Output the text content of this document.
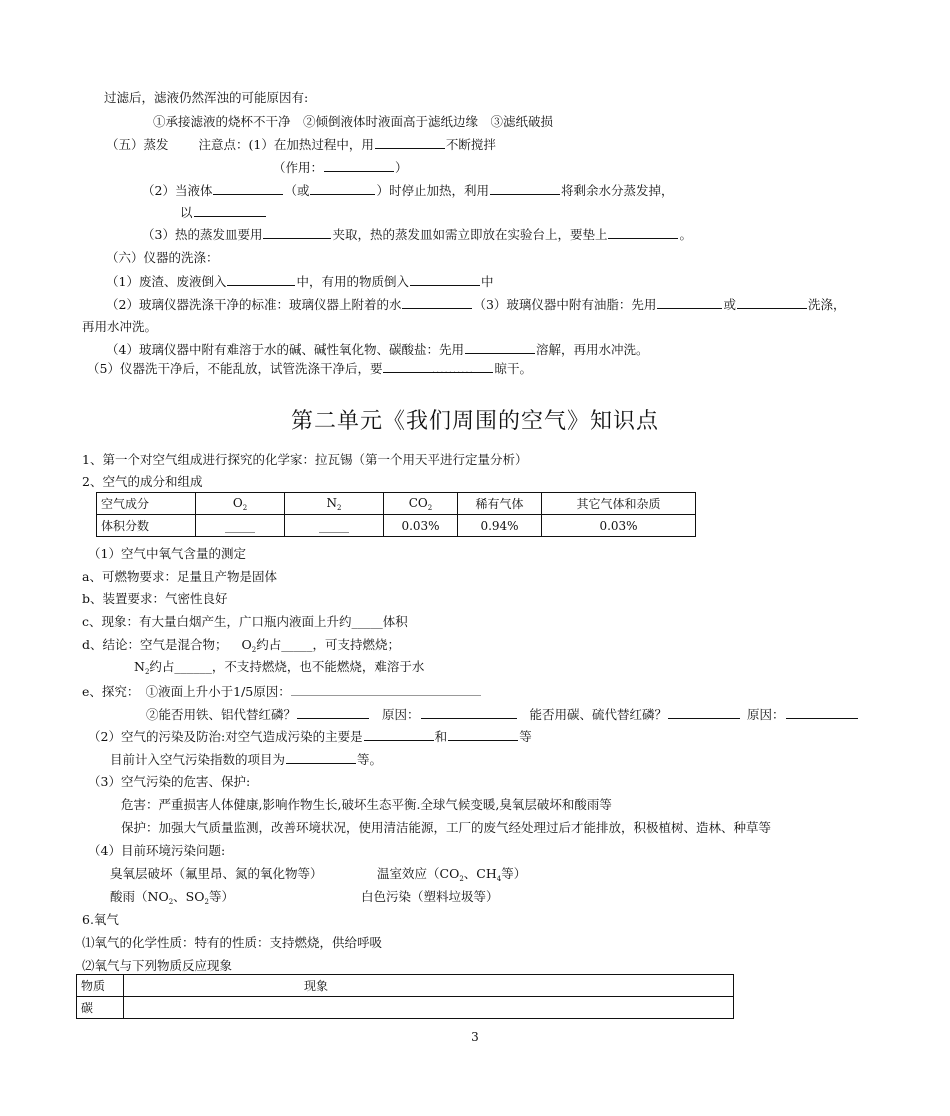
过滤后，滤液仍然浑浊的可能原因有:
①承接滤液的烧杯不干净　②倾倒液体时液面高于滤纸边缘　③滤纸破损
（五）蒸发 注意点：(1）在加热过程中，用	不断搅拌
（作用：	）
（2）当液体	（或	）时停止加热，利用	将剩余水分蒸发掉，
以
（3）热的蒸发皿要用	夹取，热的蒸发皿如需立即放在实验台上，要垫上	。
（六）仪器的洗涤：
（1）废渣、废液倒入	中，有用的物质倒入	中
（2）玻璃仪器洗涤干净的标准：玻璃仪器上附着的水	（3）玻璃仪器中附有油脂：先用	或	洗涤，
再用水冲洗。
（4）玻璃仪器中附有难溶于水的碱、碱性氧化物、碳酸盐：先用	溶解，再用水冲洗。
（5）仪器洗干净后，不能乱放，试管洗涤干净后，要	晾干。
··········
第二单元《我们周围的空气》知识点
1、第一个对空气组成进行探究的化学家：拉瓦锡（第一个用天平进行定量分析）
2、空气的成分和组成
空气成分	$O_2$	$N_2$	$CO_2$	稀有气体	其它气体和杂质
体积分数	_____	_____	0.03%	0.94%	0.03%
（1）空气中氧气含量的测定
a、可燃物要求：足量且产物是固体
b、装置要求：气密性良好
c、现象：有大量白烟产生，广口瓶内液面上升约_____体积
d、结论：空气是混合物； $O_2$约占_____，可支持燃烧；
$N_2$约占______，不支持燃烧，也不能燃烧，难溶于水
e、探究：　①液面上升小于1/5原因：
②能否用铁、铝代替红磷？	原因：	能否用碳、硫代替红磷？	原因：
（2）空气的污染及防治:对空气造成污染的主要是	和	等
目前计入空气污染指数的项目为	等。
（3）空气污染的危害、保护:
危害：严重损害人体健康,影响作物生长,破坏生态平衡.全球气候变暖,臭氧层破坏和酸雨等
保护：加强大气质量监测，改善环境状况，使用清洁能源，工厂的废气经处理过后才能排放，积极植树、造林、种草等
（4）目前环境污染问题:
臭氧层破坏（氟里昂、氮的氧化物等）	温室效应（$CO_2$、$CH_4$等）
酸雨（$NO_2$、$SO_2$等）	白色污染（塑料垃圾等）
6.氧气
⑴氧气的化学性质：特有的性质：支持燃烧，供给呼吸
⑵氧气与下列物质反应现象
物质	现象
碳	
3
